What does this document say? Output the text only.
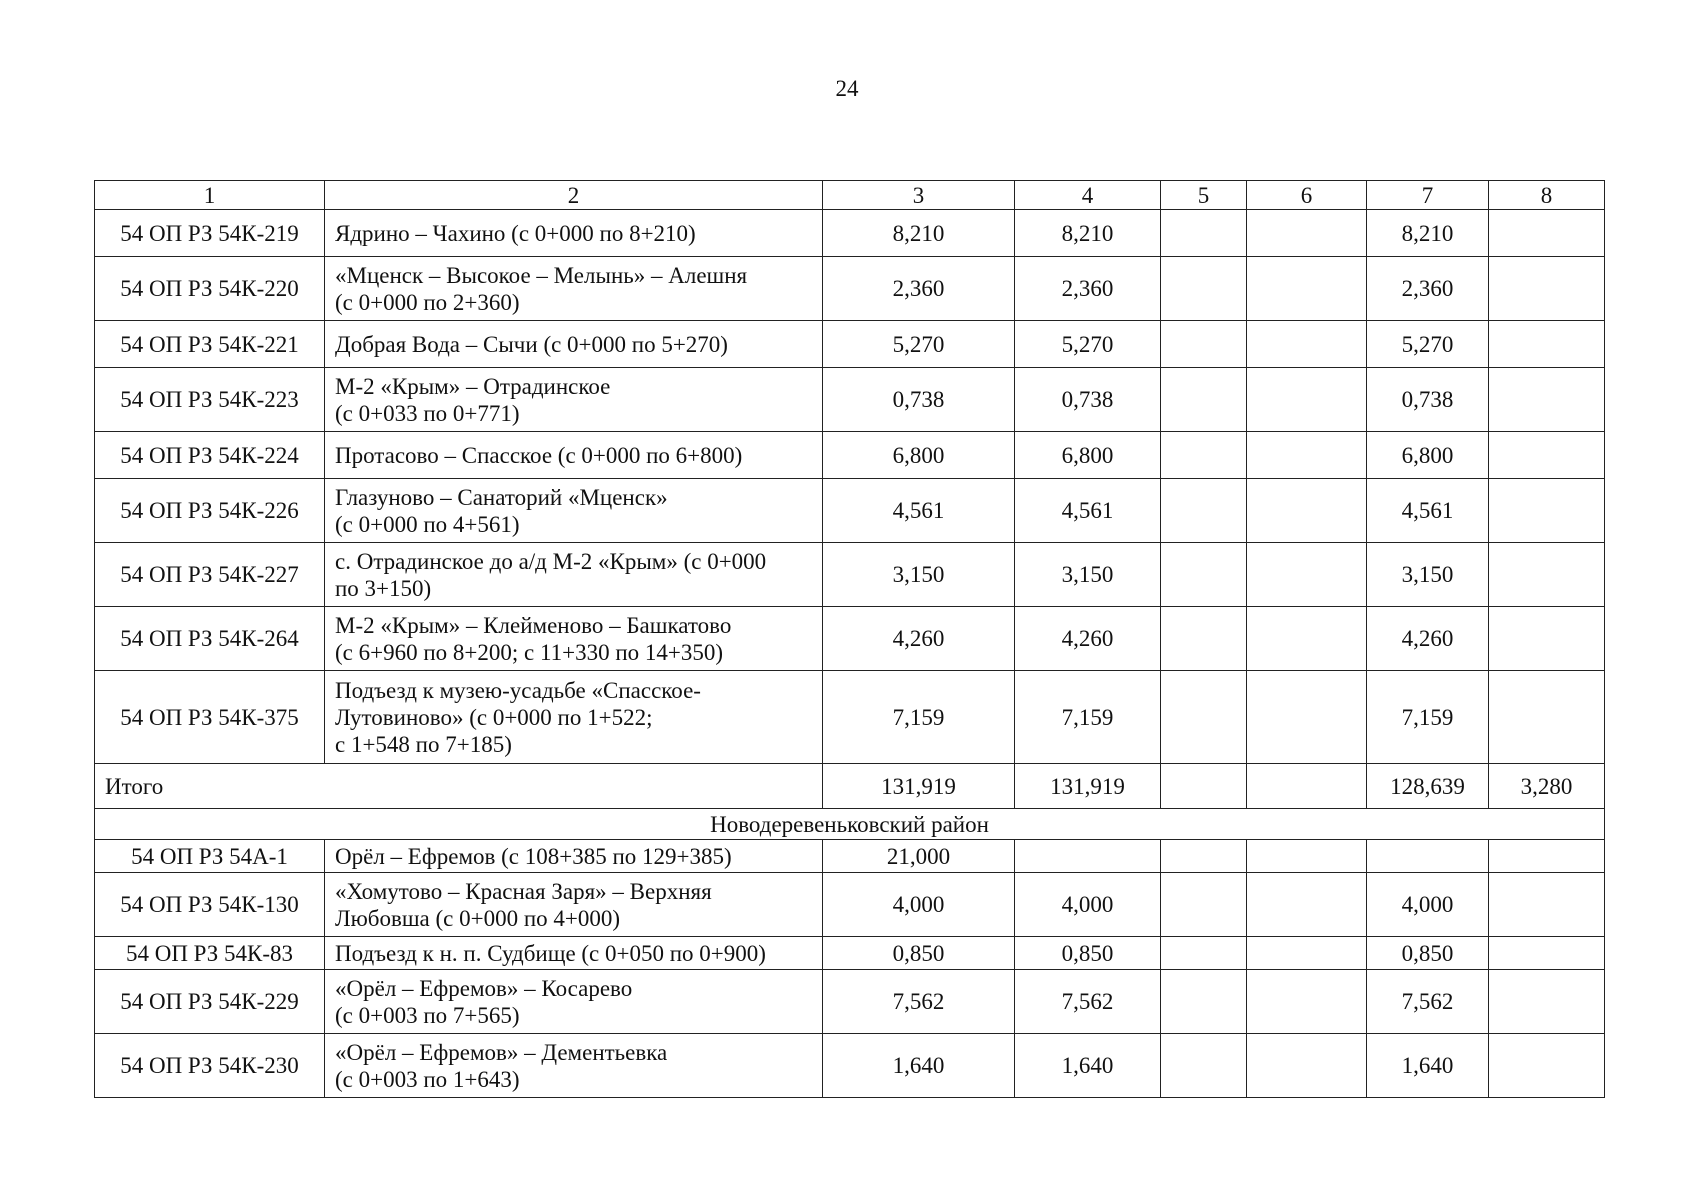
24
1	2	3	4	5	6	7	8
54 ОП РЗ 54К-219	Ядрино – Чахино (с 0+000 по 8+210)	8,210	8,210			8,210	
54 ОП РЗ 54К-220	«Мценск – Высокое – Мелынь» – Алешня
(с 0+000 по 2+360)	2,360	2,360			2,360	
54 ОП РЗ 54К-221	Добрая Вода – Сычи (с 0+000 по 5+270)	5,270	5,270			5,270	
54 ОП РЗ 54К-223	М-2 «Крым» – Отрадинское
(с 0+033 по 0+771)	0,738	0,738			0,738	
54 ОП РЗ 54К-224	Протасово – Спасское (с 0+000 по 6+800)	6,800	6,800			6,800	
54 ОП РЗ 54К-226	Глазуново – Санаторий «Мценск»
(с 0+000 по 4+561)	4,561	4,561			4,561	
54 ОП РЗ 54К-227	с. Отрадинское до а/д М-2 «Крым» (с 0+000
по 3+150)	3,150	3,150			3,150	
54 ОП РЗ 54К-264	М-2 «Крым» – Клейменово – Башкатово
(с 6+960 по 8+200; с 11+330 по 14+350)	4,260	4,260			4,260	
54 ОП РЗ 54К-375	Подъезд к музею-усадьбе «Спасское-
Лутовиново» (с 0+000 по 1+522;
с 1+548 по 7+185)	7,159	7,159			7,159	
Итого		131,919	131,919			128,639	3,280
Новодеревеньковский район							
54 ОП РЗ 54А-1	Орёл – Ефремов (с 108+385 по 129+385)	21,000					
54 ОП РЗ 54К-130	«Хомутово – Красная Заря» – Верхняя
Любовша (с 0+000 по 4+000)	4,000	4,000			4,000	
54 ОП РЗ 54К-83	Подъезд к н. п. Судбище (с 0+050 по 0+900)	0,850	0,850			0,850	
54 ОП РЗ 54К-229	«Орёл – Ефремов» – Косарево
(с 0+003 по 7+565)	7,562	7,562			7,562	
54 ОП РЗ 54К-230	«Орёл – Ефремов» – Дементьевка
(с 0+003 по 1+643)	1,640	1,640			1,640	
